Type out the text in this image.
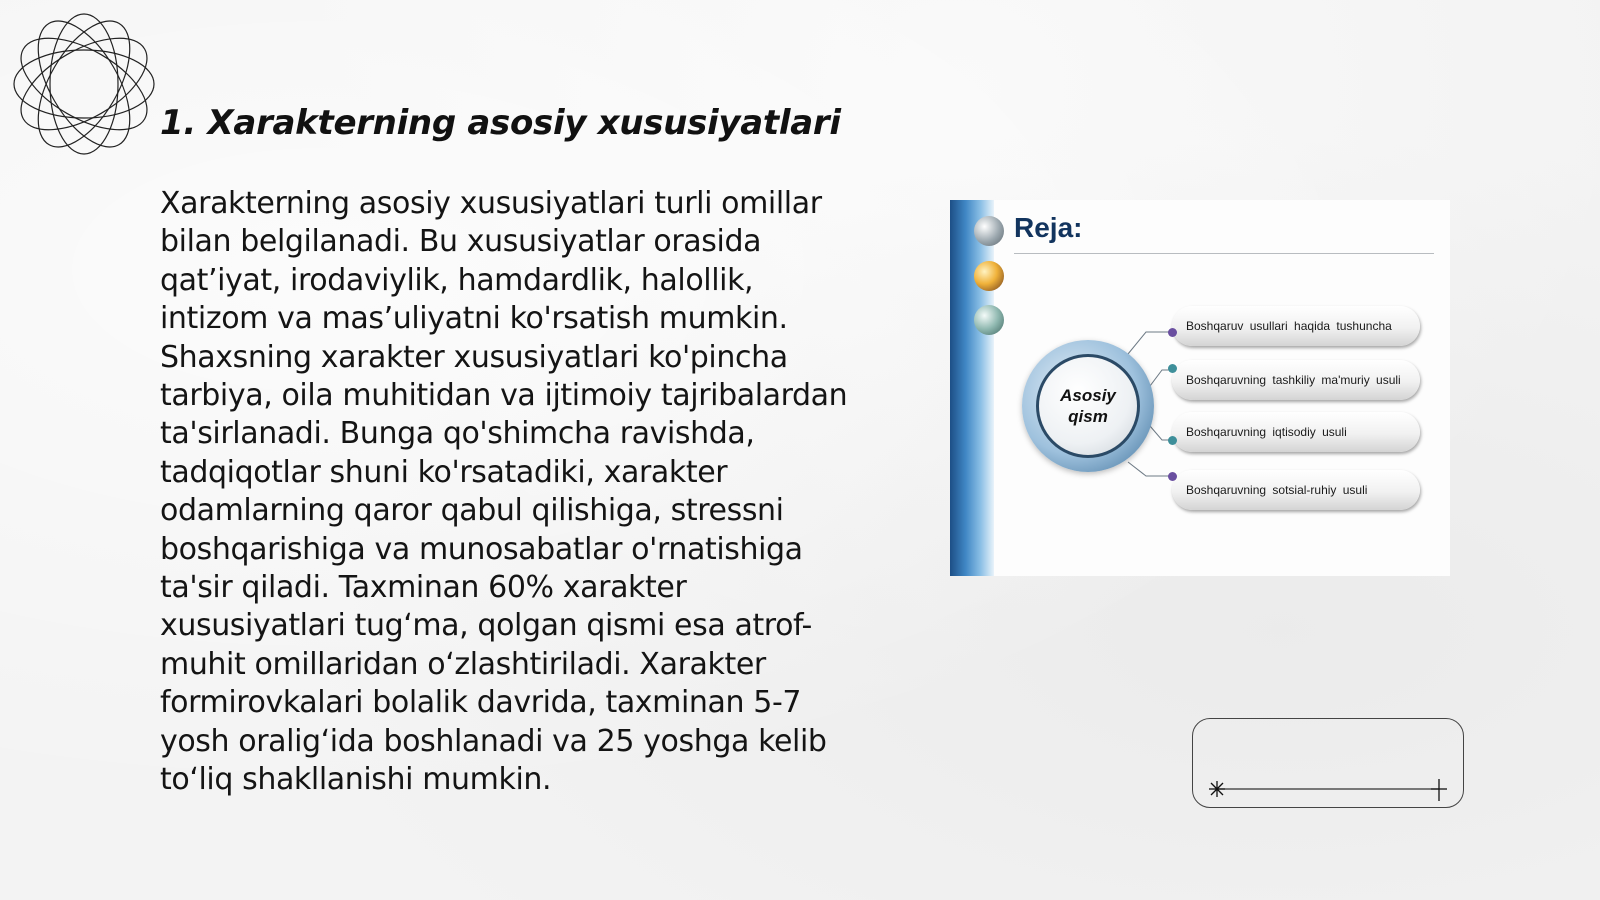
1. Xarakterning asosiy xususiyatlari

Xarakterning asosiy xususiyatlari turli omillar bilan belgilanadi. Bu xususiyatlar orasida qat’iyat, irodaviylik, hamdardlik, halollik, intizom va mas’uliyatni ko'rsatish mumkin. Shaxsning xarakter xususiyatlari ko'pincha tarbiya, oila muhitidan va ijtimoiy tajribalardan ta'sirlanadi. Bunga qo'shimcha ravishda, tadqiqotlar shuni ko'rsatadiki, xarakter odamlarning qaror qabul qilishiga, stressni boshqarishiga va munosabatlar o'rnatishiga ta'sir qiladi. Taxminan 60% xarakter xususiyatlari tug‘ma, qolgan qismi esa atrof-muhit omillaridan o‘zlashtiriladi. Xarakter formirovkalari bolalik davrida, taxminan 5-7 yosh oralig‘ida boshlanadi va 25 yoshga kelib to‘liq shakllanishi mumkin.

Reja:
Asosiy
qism
Boshqaruv usullari haqida tushuncha
Boshqaruvning tashkiliy ma'muriy usuli
Boshqaruvning iqtisodiy usuli
Boshqaruvning sotsial-ruhiy usuli
